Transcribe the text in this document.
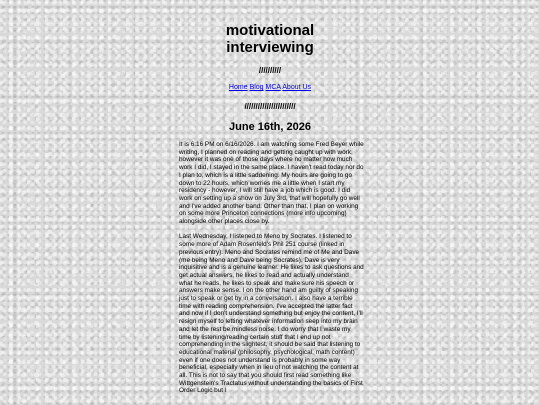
motivational interviewing
//////////
Home Blog MCA About Us
///////////////////////
June 16th, 2026

It is 6:16 PM on 6/16/2026. I am watching some Fred Beyer while writing, I planned on reading and getting caught up with work, however it was one of those days where no matter how much work I did, I stayed in the same place. I haven't read today nor do I plan to, which is a little saddening. My hours are going to go down to 22 hours, which worries me a little when I start my residency - however, I will still have a job which is good. I did work on setting up a show on July 3rd, that will hopefully go well and I've added another band. Other than that, I plan on working on some more Princeton connections (more info upcoming) alongside other places close by.

Last Wednesday, I listened to Meno by Socrates. I listened to some more of Adam Rosenfeld's Phil 251 course (linked in previous entry). Meno and Socrates remind me of Me and Dave (me being Meno and Dave being Socrates). Dave is very inquisitive and is a genuine learner. He likes to ask questions and get actual answers, he likes to read and actually understand what he reads, he likes to speak and make sure his speech or answers make sense. I on the other hand am guilty of speaking just to speak or get by in a conversation. I also have a terrible time with reading comprehension. I've accepted the latter fact and now if I don't understand something but enjoy the content, I'll resign myself to letting whatever information seep into my brain and let the rest be mindless noise. I do worry that I waste my time by listening/reading certain stuff that I end up not comprehending in the slightest, it should be said that listening to educational material (philosophy, psychological, math content) even if one does not understand is probably in some way beneficial, especially when in lieu of not watching the content at all. This is not to say that you should first read something like Wittgenstein's Tractatus without understanding the basics of First Order Logic but I
